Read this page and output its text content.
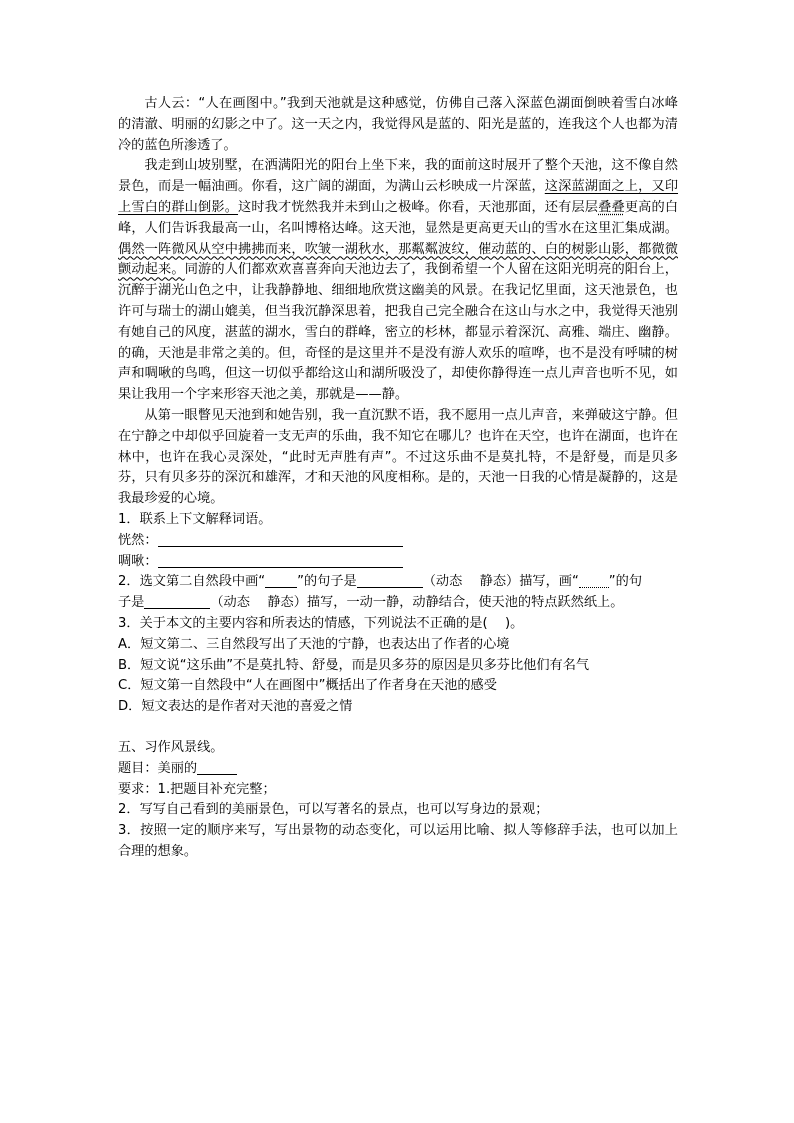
古人云：“人在画图中。”我到天池就是这种感觉，仿佛自己落入深蓝色湖面倒映着雪白冰峰的清澈、明丽的幻影之中了。这一天之内，我觉得风是蓝的、阳光是蓝的，连我这个人也都为清冷的蓝色所渗透了。

我走到山坡别墅，在洒满阳光的阳台上坐下来，我的面前这时展开了整个天池，这不像自然景色，而是一幅油画。你看，这广阔的湖面，为满山云杉映成一片深蓝，这深蓝湖面之上，又印上雪白的群山倒影。这时我才恍然我并未到山之极峰。你看，天池那面，还有层层叠叠更高的白峰，人们告诉我最高一山，名叫博格达峰。这天池，显然是更高更天山的雪水在这里汇集成湖。偶然一阵微风从空中拂拂而来，吹皱一湖秋水，那粼粼波纹，催动蓝的、白的树影山影，都微微颤动起来。同游的人们都欢欢喜喜奔向天池边去了，我倒希望一个人留在这阳光明亮的阳台上，沉醉于湖光山色之中，让我静静地、细细地欣赏这幽美的风景。在我记忆里面，这天池景色，也许可与瑞士的湖山媲美，但当我沉静深思着，把我自己完全融合在这山与水之中，我觉得天池别有她自己的风度，湛蓝的湖水，雪白的群峰，密立的杉林，都显示着深沉、高雅、端庄、幽静。的确，天池是非常之美的。但，奇怪的是这里并不是没有游人欢乐的喧哗，也不是没有呼啸的树声和啁啾的鸟鸣，但这一切似乎都给这山和湖所吸没了，却使你静得连一点儿声音也听不见，如果让我用一个字来形容天池之美，那就是——静。

从第一眼瞥见天池到和她告别，我一直沉默不语，我不愿用一点儿声音，来弹破这宁静。但在宁静之中却似乎回旋着一支无声的乐曲，我不知它在哪儿？也许在天空，也许在湖面，也许在林中，也许在我心灵深处，“此时无声胜有声”。不过这乐曲不是莫扎特，不是舒曼，而是贝多芬，只有贝多芬的深沉和雄浑，才和天池的风度相称。是的，天池一日我的心情是凝静的，这是我最珍爱的心境。

1．联系上下文解释词语。
恍然：
啁啾：
2．选文第二自然段中画“ ”的句子是	（动态　 静态）描写，画“ ”的句
子是	（动态　 静态）描写，一动一静，动静结合，使天池的特点跃然纸上。
3．关于本文的主要内容和所表达的情感，下列说法不正确的是(　 )。
A．短文第二、三自然段写出了天池的宁静，也表达出了作者的心境
B．短文说“这乐曲”不是莫扎特、舒曼，而是贝多芬的原因是贝多芬比他们有名气
C．短文第一自然段中“人在画图中”概括出了作者身在天池的感受
D．短文表达的是作者对天池的喜爱之情
五、习作风景线。
题目：美丽的
要求：1.把题目补充完整；
2．写写自己看到的美丽景色，可以写著名的景点，也可以写身边的景观；

3．按照一定的顺序来写，写出景物的动态变化，可以运用比喻、拟人等修辞手法，也可以加上合理的想象。
